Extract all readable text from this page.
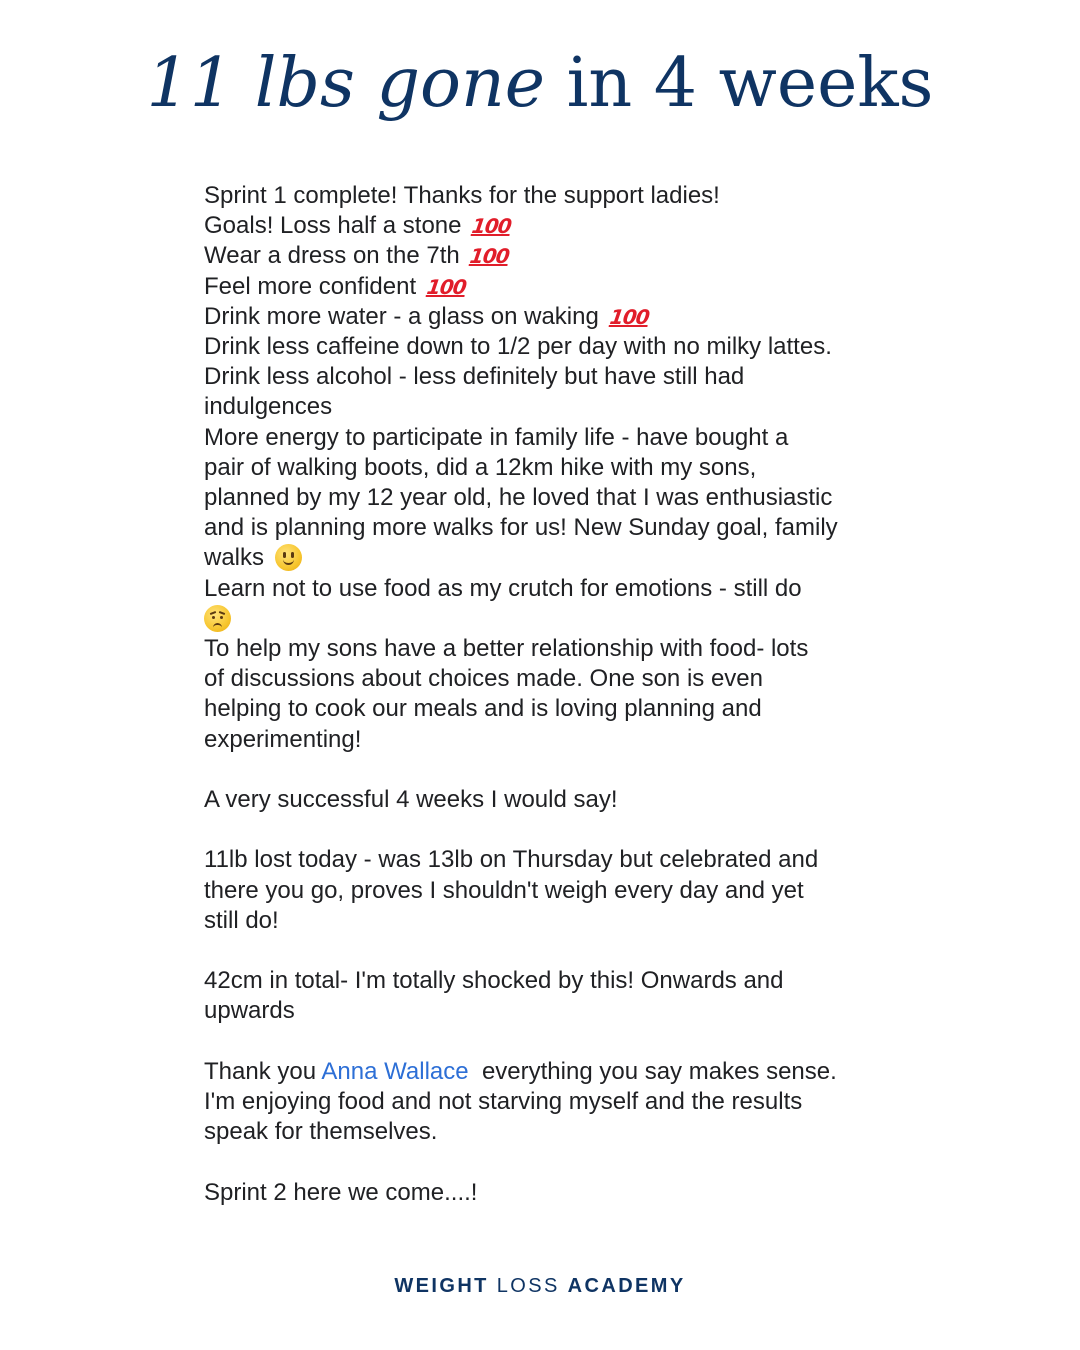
11 lbs gone in 4 weeks
Sprint 1 complete! Thanks for the support ladies!
Goals! Loss half a stone 100
Wear a dress on the 7th 100
Feel more confident 100
Drink more water - a glass on waking 100
Drink less caffeine down to 1/2 per day with no milky lattes.
Drink less alcohol - less definitely but have still had
indulgences
More energy to participate in family life - have bought a
pair of walking boots, did a 12km hike with my sons,
planned by my 12 year old, he loved that I was enthusiastic
and is planning more walks for us! New Sunday goal, family
walks
Learn not to use food as my crutch for emotions - still do
To help my sons have a better relationship with food- lots
of discussions about choices made. One son is even
helping to cook our meals and is loving planning and
experimenting!
A very successful 4 weeks I would say!
11lb lost today - was 13lb on Thursday but celebrated and
there you go, proves I shouldn't weigh every day and yet
still do!
42cm in total- I'm totally shocked by this! Onwards and
upwards
Thank you Anna Wallace  everything you say makes sense.
I'm enjoying food and not starving myself and the results
speak for themselves.
Sprint 2 here we come....!
WEIGHT LOSS ACADEMY
